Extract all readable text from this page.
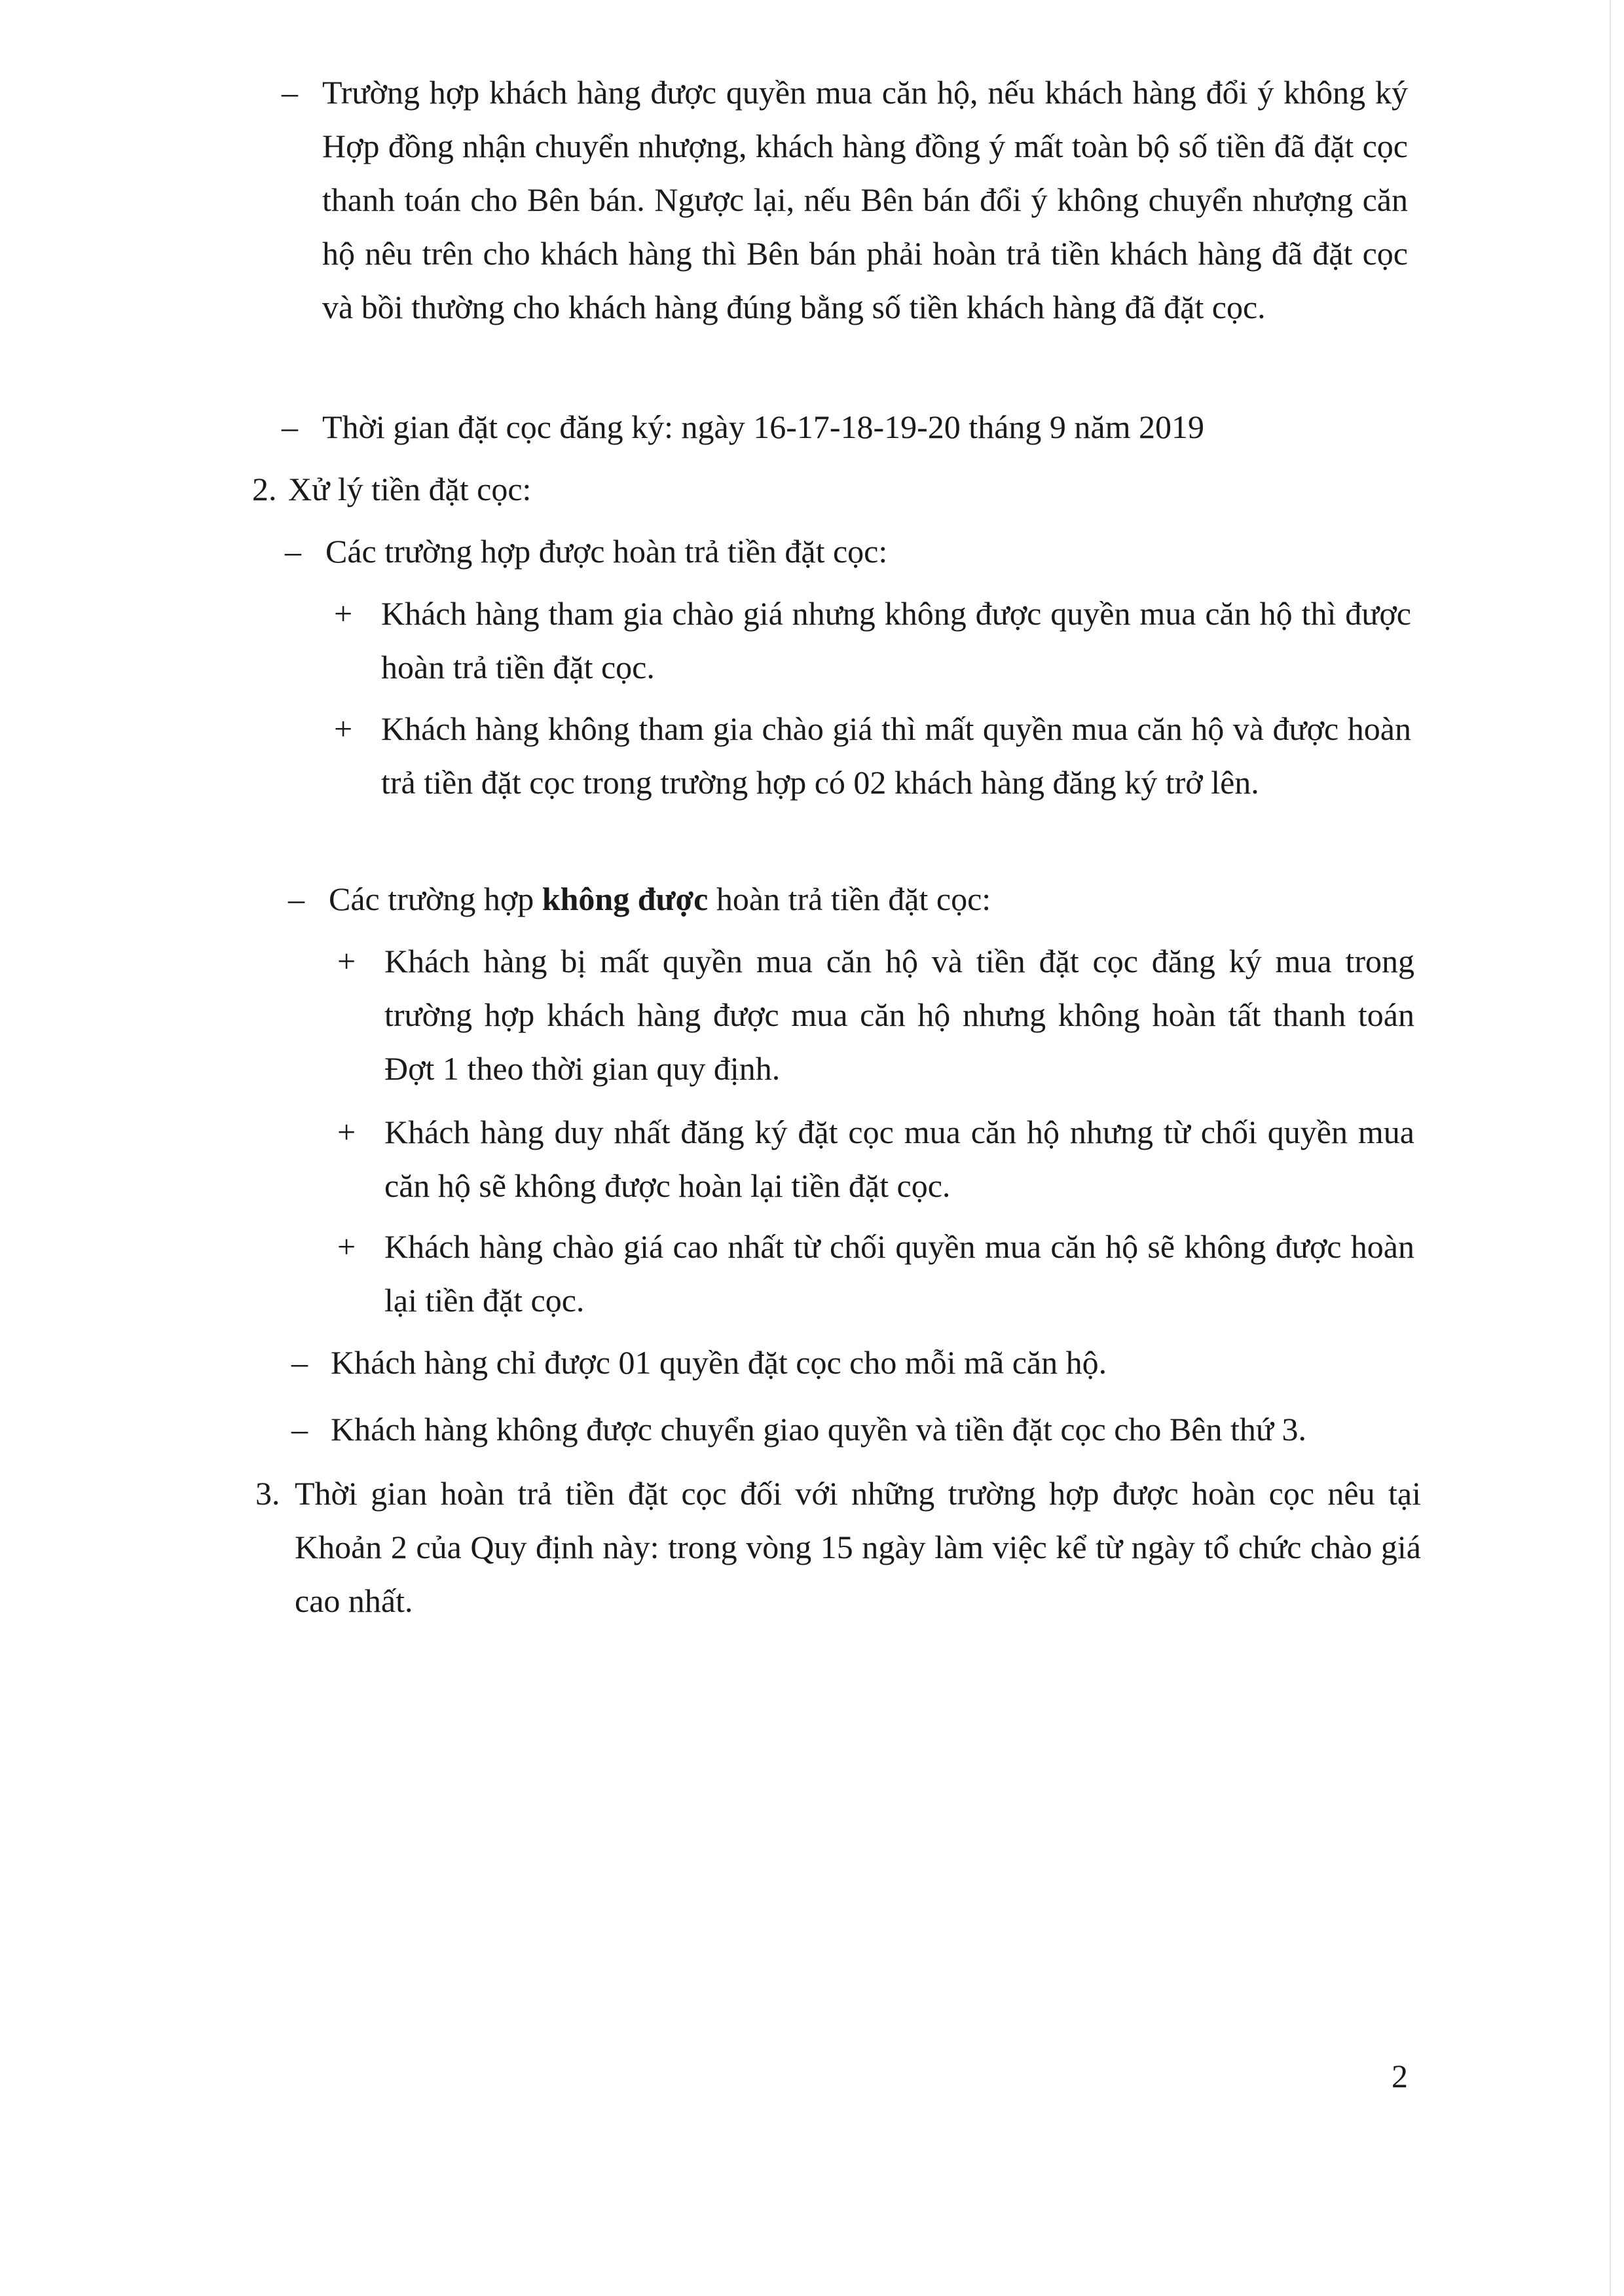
– Trường hợp khách hàng được quyền mua căn hộ, nếu khách hàng đổi ý không ký Hợp đồng nhận chuyển nhượng, khách hàng đồng ý mất toàn bộ số tiền đã đặt cọc thanh toán cho Bên bán. Ngược lại, nếu Bên bán đổi ý không chuyển nhượng căn hộ nêu trên cho khách hàng thì Bên bán phải hoàn trả tiền khách hàng đã đặt cọc và bồi thường cho khách hàng đúng bằng số tiền khách hàng đã đặt cọc.
– Thời gian đặt cọc đăng ký: ngày 16-17-18-19-20 tháng 9 năm 2019
2. Xử lý tiền đặt cọc:
– Các trường hợp được hoàn trả tiền đặt cọc:
+ Khách hàng tham gia chào giá nhưng không được quyền mua căn hộ thì được hoàn trả tiền đặt cọc.
+ Khách hàng không tham gia chào giá thì mất quyền mua căn hộ và được hoàn trả tiền đặt cọc trong trường hợp có 02 khách hàng đăng ký trở lên.
– Các trường hợp không được hoàn trả tiền đặt cọc:
+ Khách hàng bị mất quyền mua căn hộ và tiền đặt cọc đăng ký mua trong trường hợp khách hàng được mua căn hộ nhưng không hoàn tất thanh toán Đợt 1 theo thời gian quy định.
+ Khách hàng duy nhất đăng ký đặt cọc mua căn hộ nhưng từ chối quyền mua căn hộ sẽ không được hoàn lại tiền đặt cọc.
+ Khách hàng chào giá cao nhất từ chối quyền mua căn hộ sẽ không được hoàn lại tiền đặt cọc.
– Khách hàng chỉ được 01 quyền đặt cọc cho mỗi mã căn hộ.
– Khách hàng không được chuyển giao quyền và tiền đặt cọc cho Bên thứ 3.
3. Thời gian hoàn trả tiền đặt cọc đối với những trường hợp được hoàn cọc nêu tại Khoản 2 của Quy định này: trong vòng 15 ngày làm việc kể từ ngày tổ chức chào giá cao nhất.
2
